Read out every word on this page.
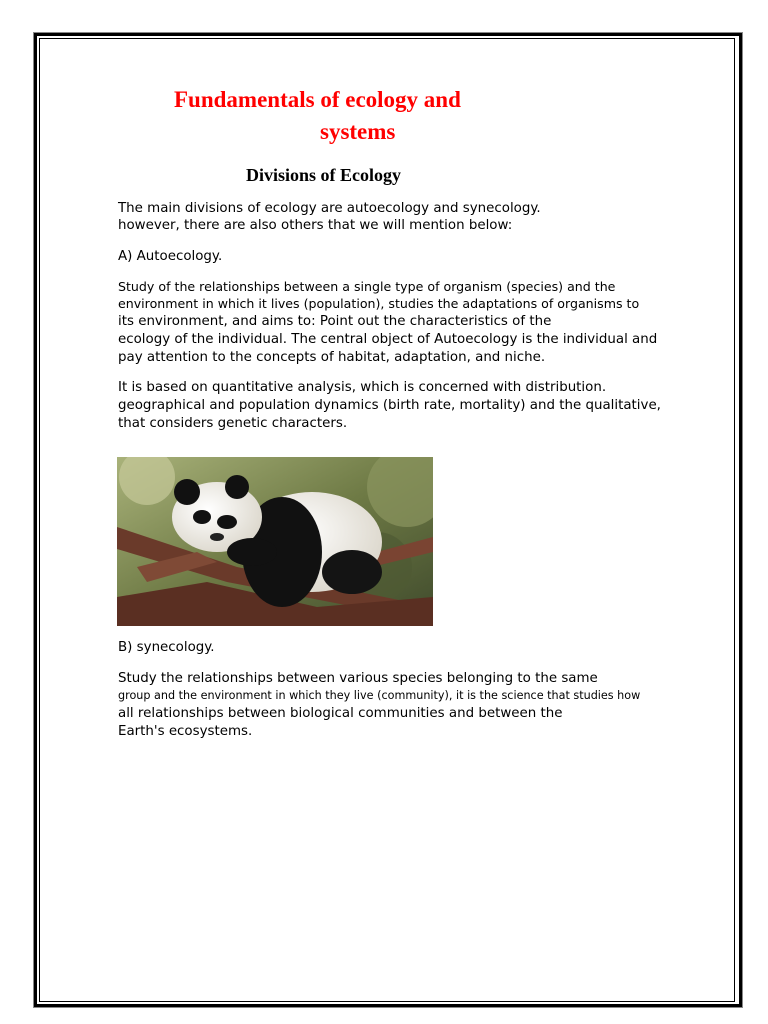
Fundamentals of ecology and
systems
Divisions of Ecology
The main divisions of ecology are autoecology and synecology.
however, there are also others that we will mention below:
A) Autoecology.
Study of the relationships between a single type of organism (species) and the
environment in which it lives (population), studies the adaptations of organisms to
its environment, and aims to: Point out the characteristics of the
ecology of the individual. The central object of Autoecology is the individual and
pay attention to the concepts of habitat, adaptation, and niche.
It is based on quantitative analysis, which is concerned with distribution.
geographical and population dynamics (birth rate, mortality) and the qualitative,
that considers genetic characters.
B) synecology.
Study the relationships between various species belonging to the same
group and the environment in which they live (community), it is the science that studies how
all relationships between biological communities and between the
Earth's ecosystems.
